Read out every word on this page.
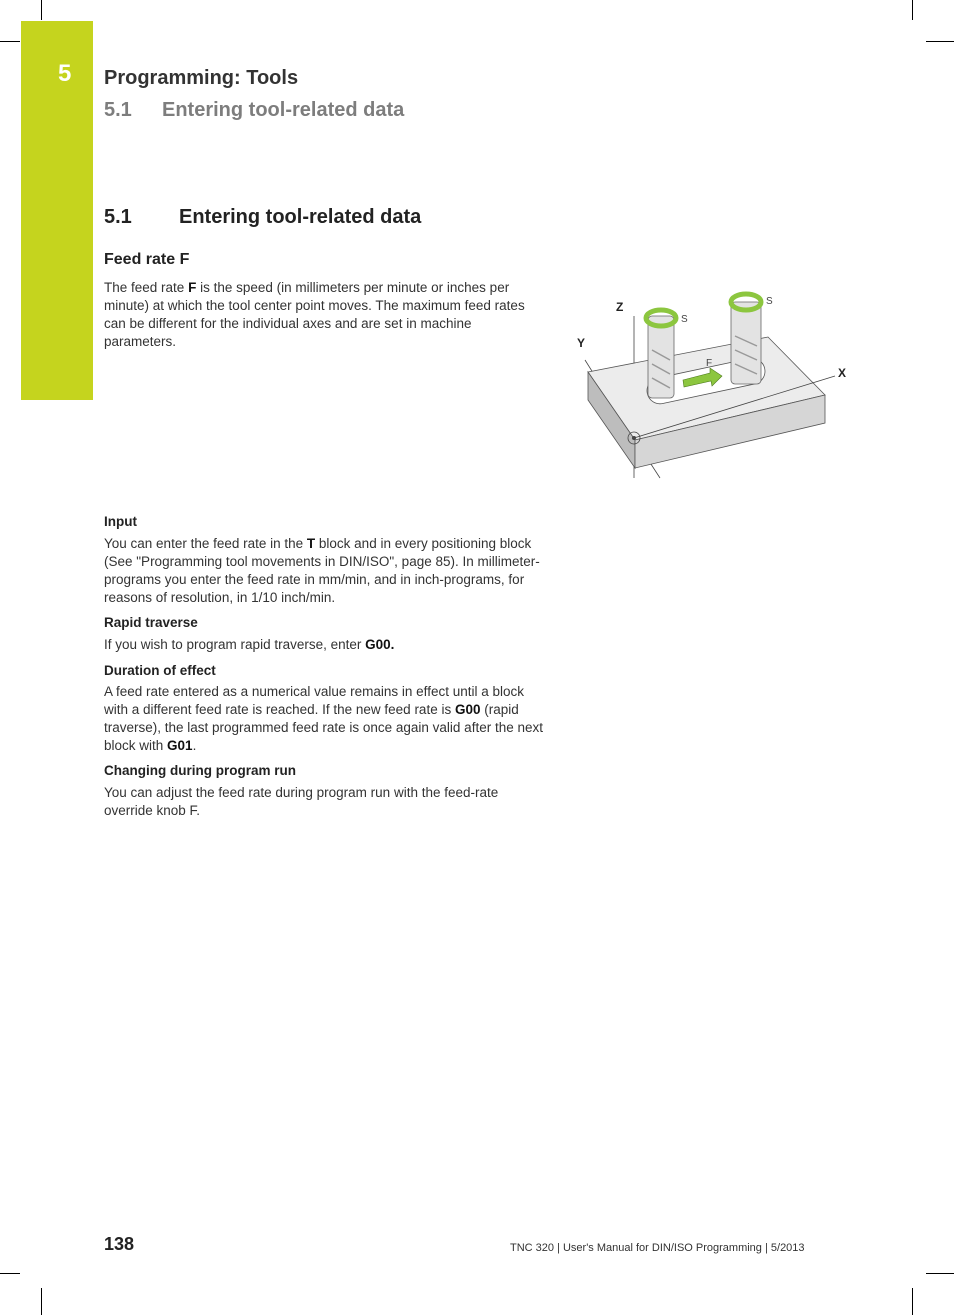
5 Programming: Tools
5.1 Entering tool-related data
5.1 Entering tool-related data
Feed rate F
The feed rate F is the speed (in millimeters per minute or inches per minute) at which the tool center point moves. The maximum feed rates can be different for the individual axes and are set in machine parameters.
Z
Y
X
S
S
F
Input
You can enter the feed rate in the T block and in every positioning block (See "Programming tool movements in DIN/ISO", page 85). In millimeter-programs you enter the feed rate in mm/min, and in inch-programs, for reasons of resolution, in 1/10 inch/min.
Rapid traverse
If you wish to program rapid traverse, enter G00.
Duration of effect
A feed rate entered as a numerical value remains in effect until a block with a different feed rate is reached. If the new feed rate is G00 (rapid traverse), the last programmed feed rate is once again valid after the next block with G01.
Changing during program run
You can adjust the feed rate during program run with the feed-rate override knob F.
138	TNC 320 | User's Manual for DIN/ISO Programming | 5/2013
